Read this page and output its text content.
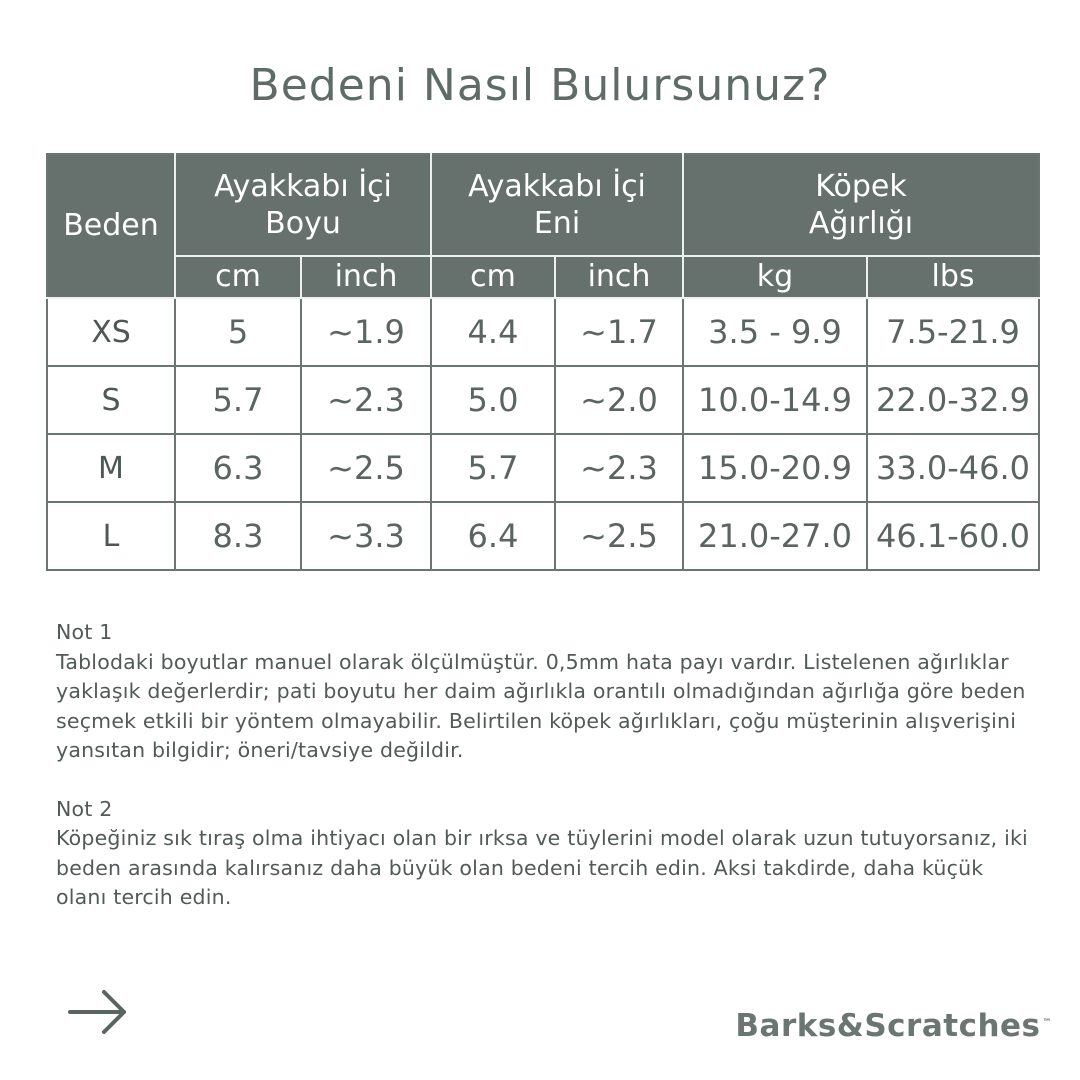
Bedeni Nasıl Bulursunuz?
Beden	Ayakkabı İçi Boyu		Ayakkabı İçi Eni		Köpek Ağırlığı	
	cm	inch	cm	inch	kg	lbs
XS	5	~1.9	4.4	~1.7	3.5 - 9.9	7.5-21.9
S	5.7	~2.3	5.0	~2.0	10.0-14.9	22.0-32.9
M	6.3	~2.5	5.7	~2.3	15.0-20.9	33.0-46.0
L	8.3	~3.3	6.4	~2.5	21.0-27.0	46.1-60.0

Not 1

Tablodaki boyutlar manuel olarak ölçülmüştür. 0,5mm hata payı vardır. Listelenen ağırlıklar yaklaşık değerlerdir; pati boyutu her daim ağırlıkla orantılı olmadığından ağırlığa göre beden seçmek etkili bir yöntem olmayabilir. Belirtilen köpek ağırlıkları, çoğu müşterinin alışverişini yansıtan bilgidir; öneri/tavsiye değildir.

Not 2

Köpeğiniz sık tıraş olma ihtiyacı olan bir ırksa ve tüylerini model olarak uzun tutuyorsanız, iki beden arasında kalırsanız daha büyük olan bedeni tercih edin. Aksi takdirde, daha küçük olanı tercih edin.

Barks&Scratches ™
